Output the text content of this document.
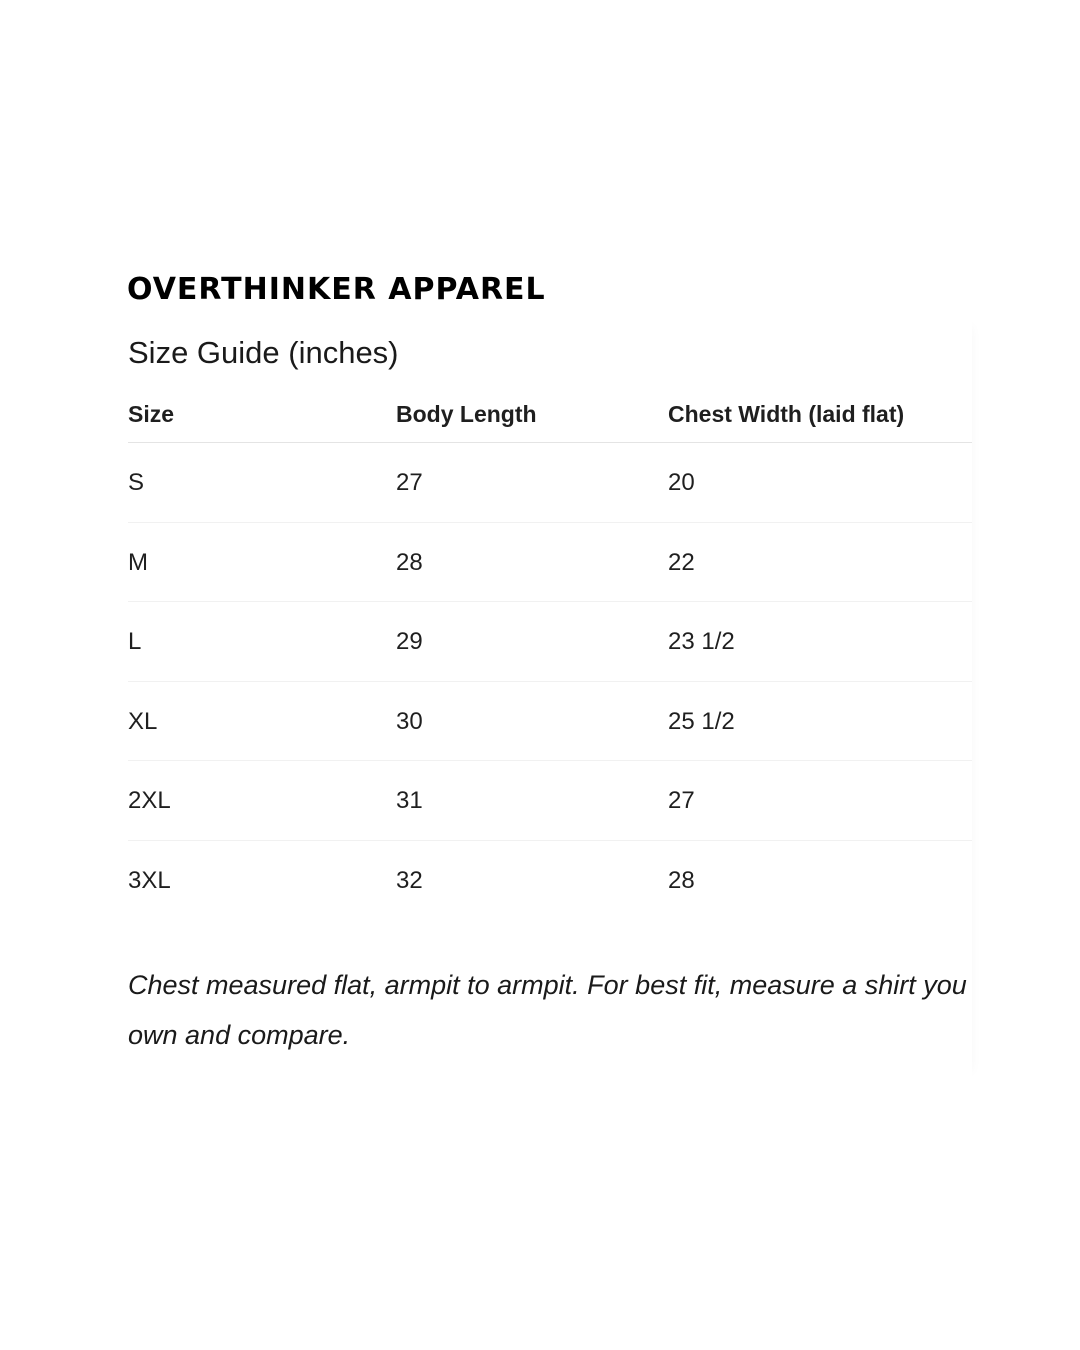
OVERTHINKER APPAREL
Size Guide (inches)
Size	Body Length	Chest Width (laid flat)
S	27	20
M	28	22
L	29	23 1/2
XL	30	25 1/2
2XL	31	27
3XL	32	28
Chest measured flat, armpit to armpit. For best fit, measure a shirt you own and compare.
